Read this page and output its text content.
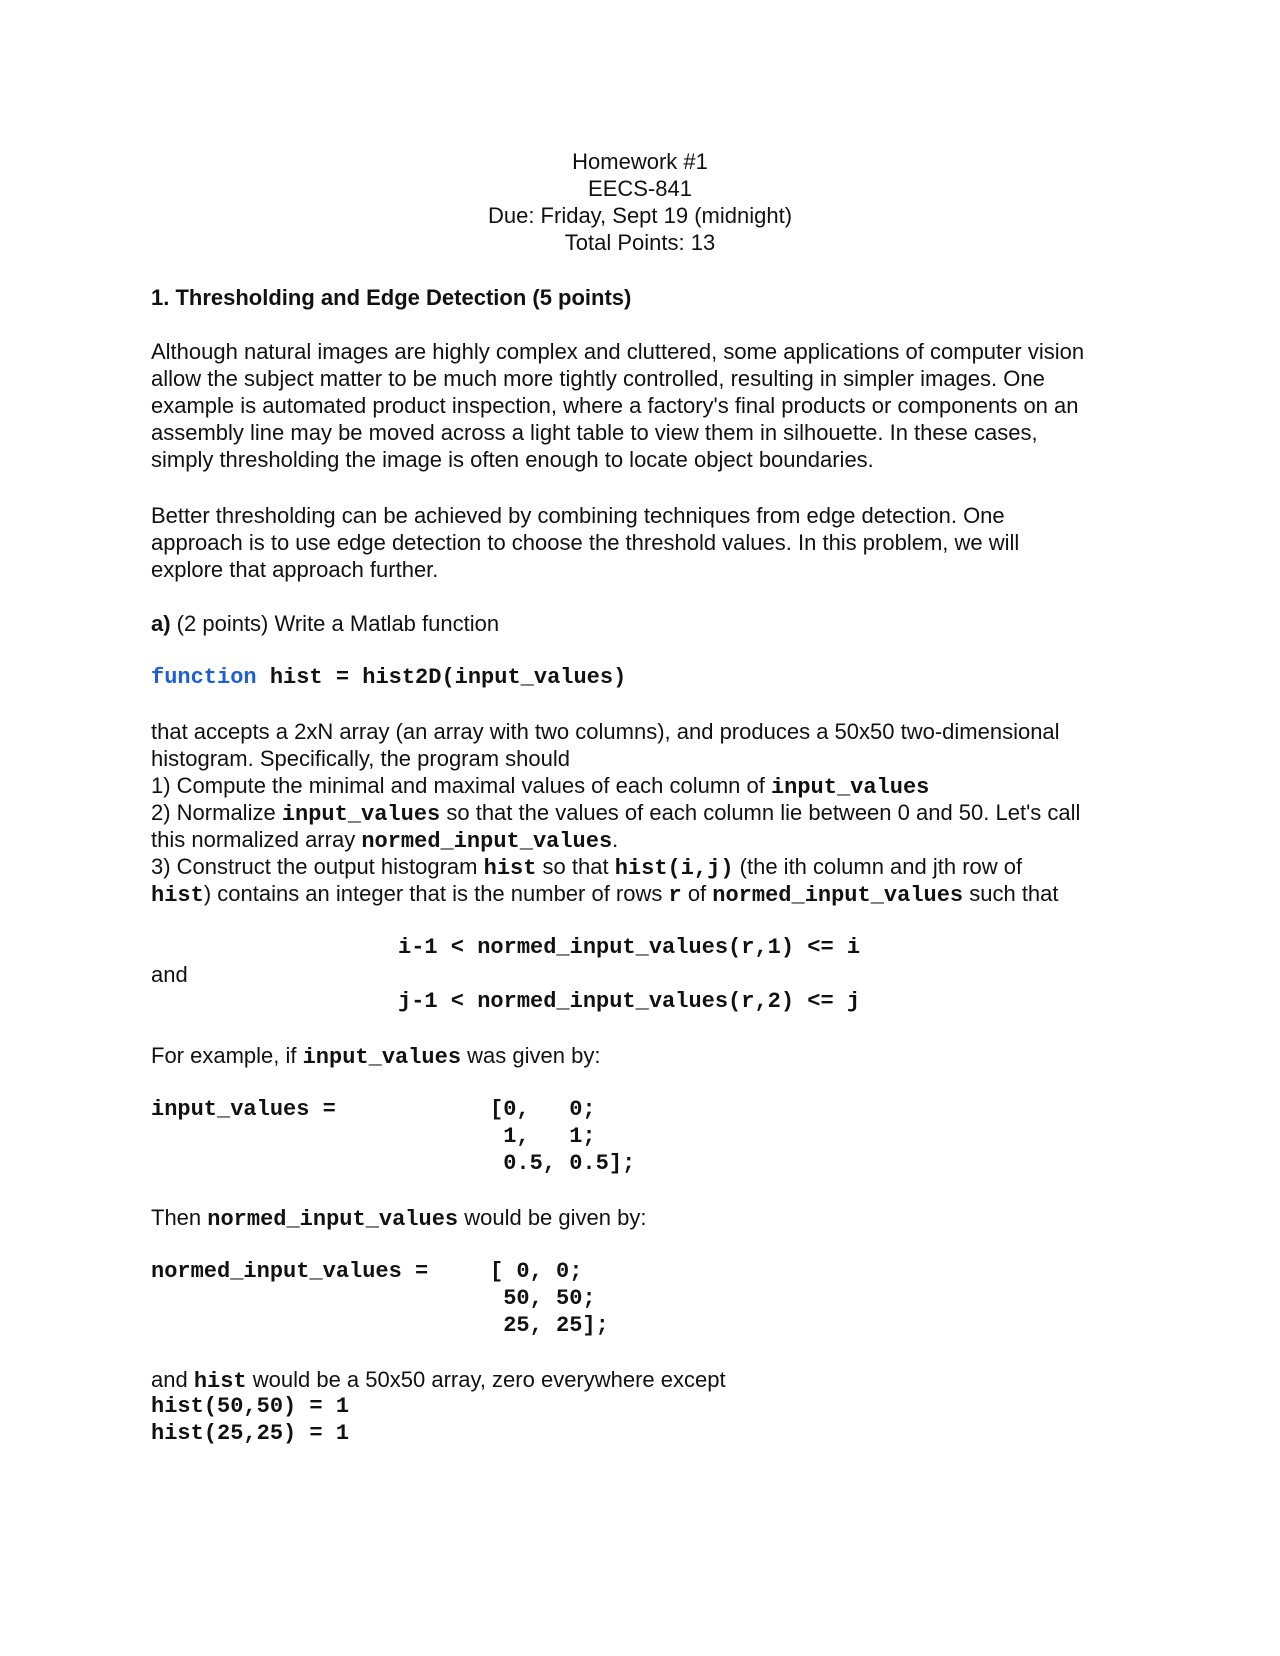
Homework #1
EECS-841
Due: Friday, Sept 19 (midnight)
Total Points: 13
1. Thresholding and Edge Detection (5 points)

Although natural images are highly complex and cluttered, some applications of computer vision

allow the subject matter to be much more tightly controlled, resulting in simpler images. One

example is automated product inspection, where a factory's final products or components on an

assembly line may be moved across a light table to view them in silhouette. In these cases,

simply thresholding the image is often enough to locate object boundaries.

Better thresholding can be achieved by combining techniques from edge detection. One

approach is to use edge detection to choose the threshold values. In this problem, we will

explore that approach further.

a) (2 points) Write a Matlab function
function hist = hist2D(input_values)
that accepts a 2xN array (an array with two columns), and produces a 50x50 two-dimensional
histogram. Specifically, the program should
1) Compute the minimal and maximal values of each column of input_values
2) Normalize input_values so that the values of each column lie between 0 and 50. Let's call
this normalized array normed_input_values.
3) Construct the output histogram hist so that hist(i,j) (the ith column and jth row of
hist) contains an integer that is the number of rows r of normed_input_values such that
i-1 < normed_input_values(r,1) <= i
and
j-1 < normed_input_values(r,2) <= j
For example, if input_values was given by:
input_values =	[0,   0;
1,   1;
0.5, 0.5];
Then normed_input_values would be given by:
normed_input_values =	[ 0, 0;
50, 50;
25, 25];
and hist would be a 50x50 array, zero everywhere except
hist(50,50) = 1
hist(25,25) = 1
